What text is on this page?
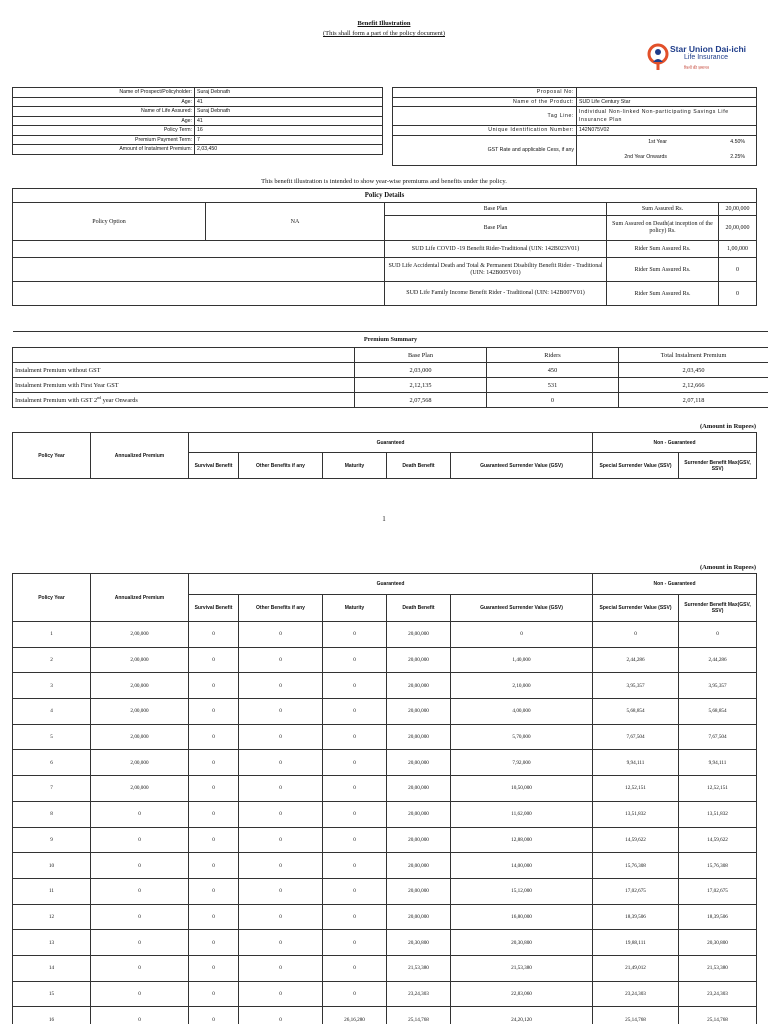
Benefit Illustration
(This shall form a part of the policy document)
Star Union Dai-ichi
Life Insurance
रिश्तों की ज़मानत
Name of Prospect/Policyholder:	Suraj Debnath
Age:	41
Name of Life Assured:	Suraj Debnath
Age:	41
Policy Term:	16
Premium Payment Term:	7
Amount of Instalment Premium:	2,03,450
Proposal No:	
Name of the Product:	SUD Life Century Star
Tag Line:	Individual Non-linked Non-participating Savings Life Insurance Plan
Unique Identification Number:	142N075V02
GST Rate and applicable Cess, if any	1st Year 4.50%
2nd Year Onwards 2.25%
This benefit illustration is intended to show year-wise premiums and benefits under the policy.
Policy Details				
Policy Option	NA	Base Plan	Sum Assured Rs.	20,00,000
		Base Plan	Sum Assured on Death(at inception of the policy) Rs.	20,00,000
		SUD Life COVID -19 Benefit Rider-Traditional (UIN: 142B023V01)	Rider Sum Assured Rs.	1,00,000
		SUD Life Accidental Death and Total & Permanent Disability Benefit Rider - Traditional (UIN: 142B005V01)	Rider Sum Assured Rs.	0
		SUD Life Family Income Benefit Rider - Traditional (UIN: 142B007V01)	Rider Sum Assured Rs.	0
Premium Summary			
	Base Plan	Riders	Total Instalment Premium
Instalment Premium without GST	2,03,000	450	2,03,450
Instalment Premium with First Year GST	2,12,135	531	2,12,666
Instalment Premium with GST 2nd year Onwards	2,07,568	0	2,07,118
(Amount in Rupees)
Policy Year	Annualized Premium	Guaranteed					Non - Guaranteed	
		Survival Benefit	Other Benefits if any	Maturity	Death Benefit	Guaranteed Surrender Value (GSV)	Special Surrender Value (SSV)	Surrender Benefit Max(GSV, SSV)
1
(Amount in Rupees)
Policy Year	Annualized Premium	Guaranteed					Non - Guaranteed	
		Survival Benefit	Other Benefits if any	Maturity	Death Benefit	Guaranteed Surrender Value (GSV)	Special Surrender Value (SSV)	Surrender Benefit Max(GSV, SSV)
1	2,00,000	0	0	0	20,00,000	0	0	0
2	2,00,000	0	0	0	20,00,000	1,40,000	2,44,286	2,44,286
3	2,00,000	0	0	0	20,00,000	2,10,000	3,95,357	3,95,357
4	2,00,000	0	0	0	20,00,000	4,00,000	5,68,854	5,68,854
5	2,00,000	0	0	0	20,00,000	5,70,000	7,67,504	7,67,504
6	2,00,000	0	0	0	20,00,000	7,92,000	9,94,111	9,94,111
7	2,00,000	0	0	0	20,00,000	10,50,000	12,52,151	12,52,151
8	0	0	0	0	20,00,000	11,62,000	13,51,832	13,51,832
9	0	0	0	0	20,00,000	12,88,000	14,59,622	14,59,622
10	0	0	0	0	20,00,000	14,00,000	15,76,308	15,76,308
11	0	0	0	0	20,00,000	15,12,000	17,02,675	17,02,675
12	0	0	0	0	20,00,000	16,80,000	18,39,506	18,39,506
13	0	0	0	0	20,30,800	20,30,800	19,88,111	20,30,800
14	0	0	0	0	21,53,380	21,53,380	21,49,012	21,53,380
15	0	0	0	0	23,24,303	22,83,060	23,24,303	23,24,303
16	0	0	0	26,16,280	25,14,768	24,20,120	25,14,768	25,14,768
